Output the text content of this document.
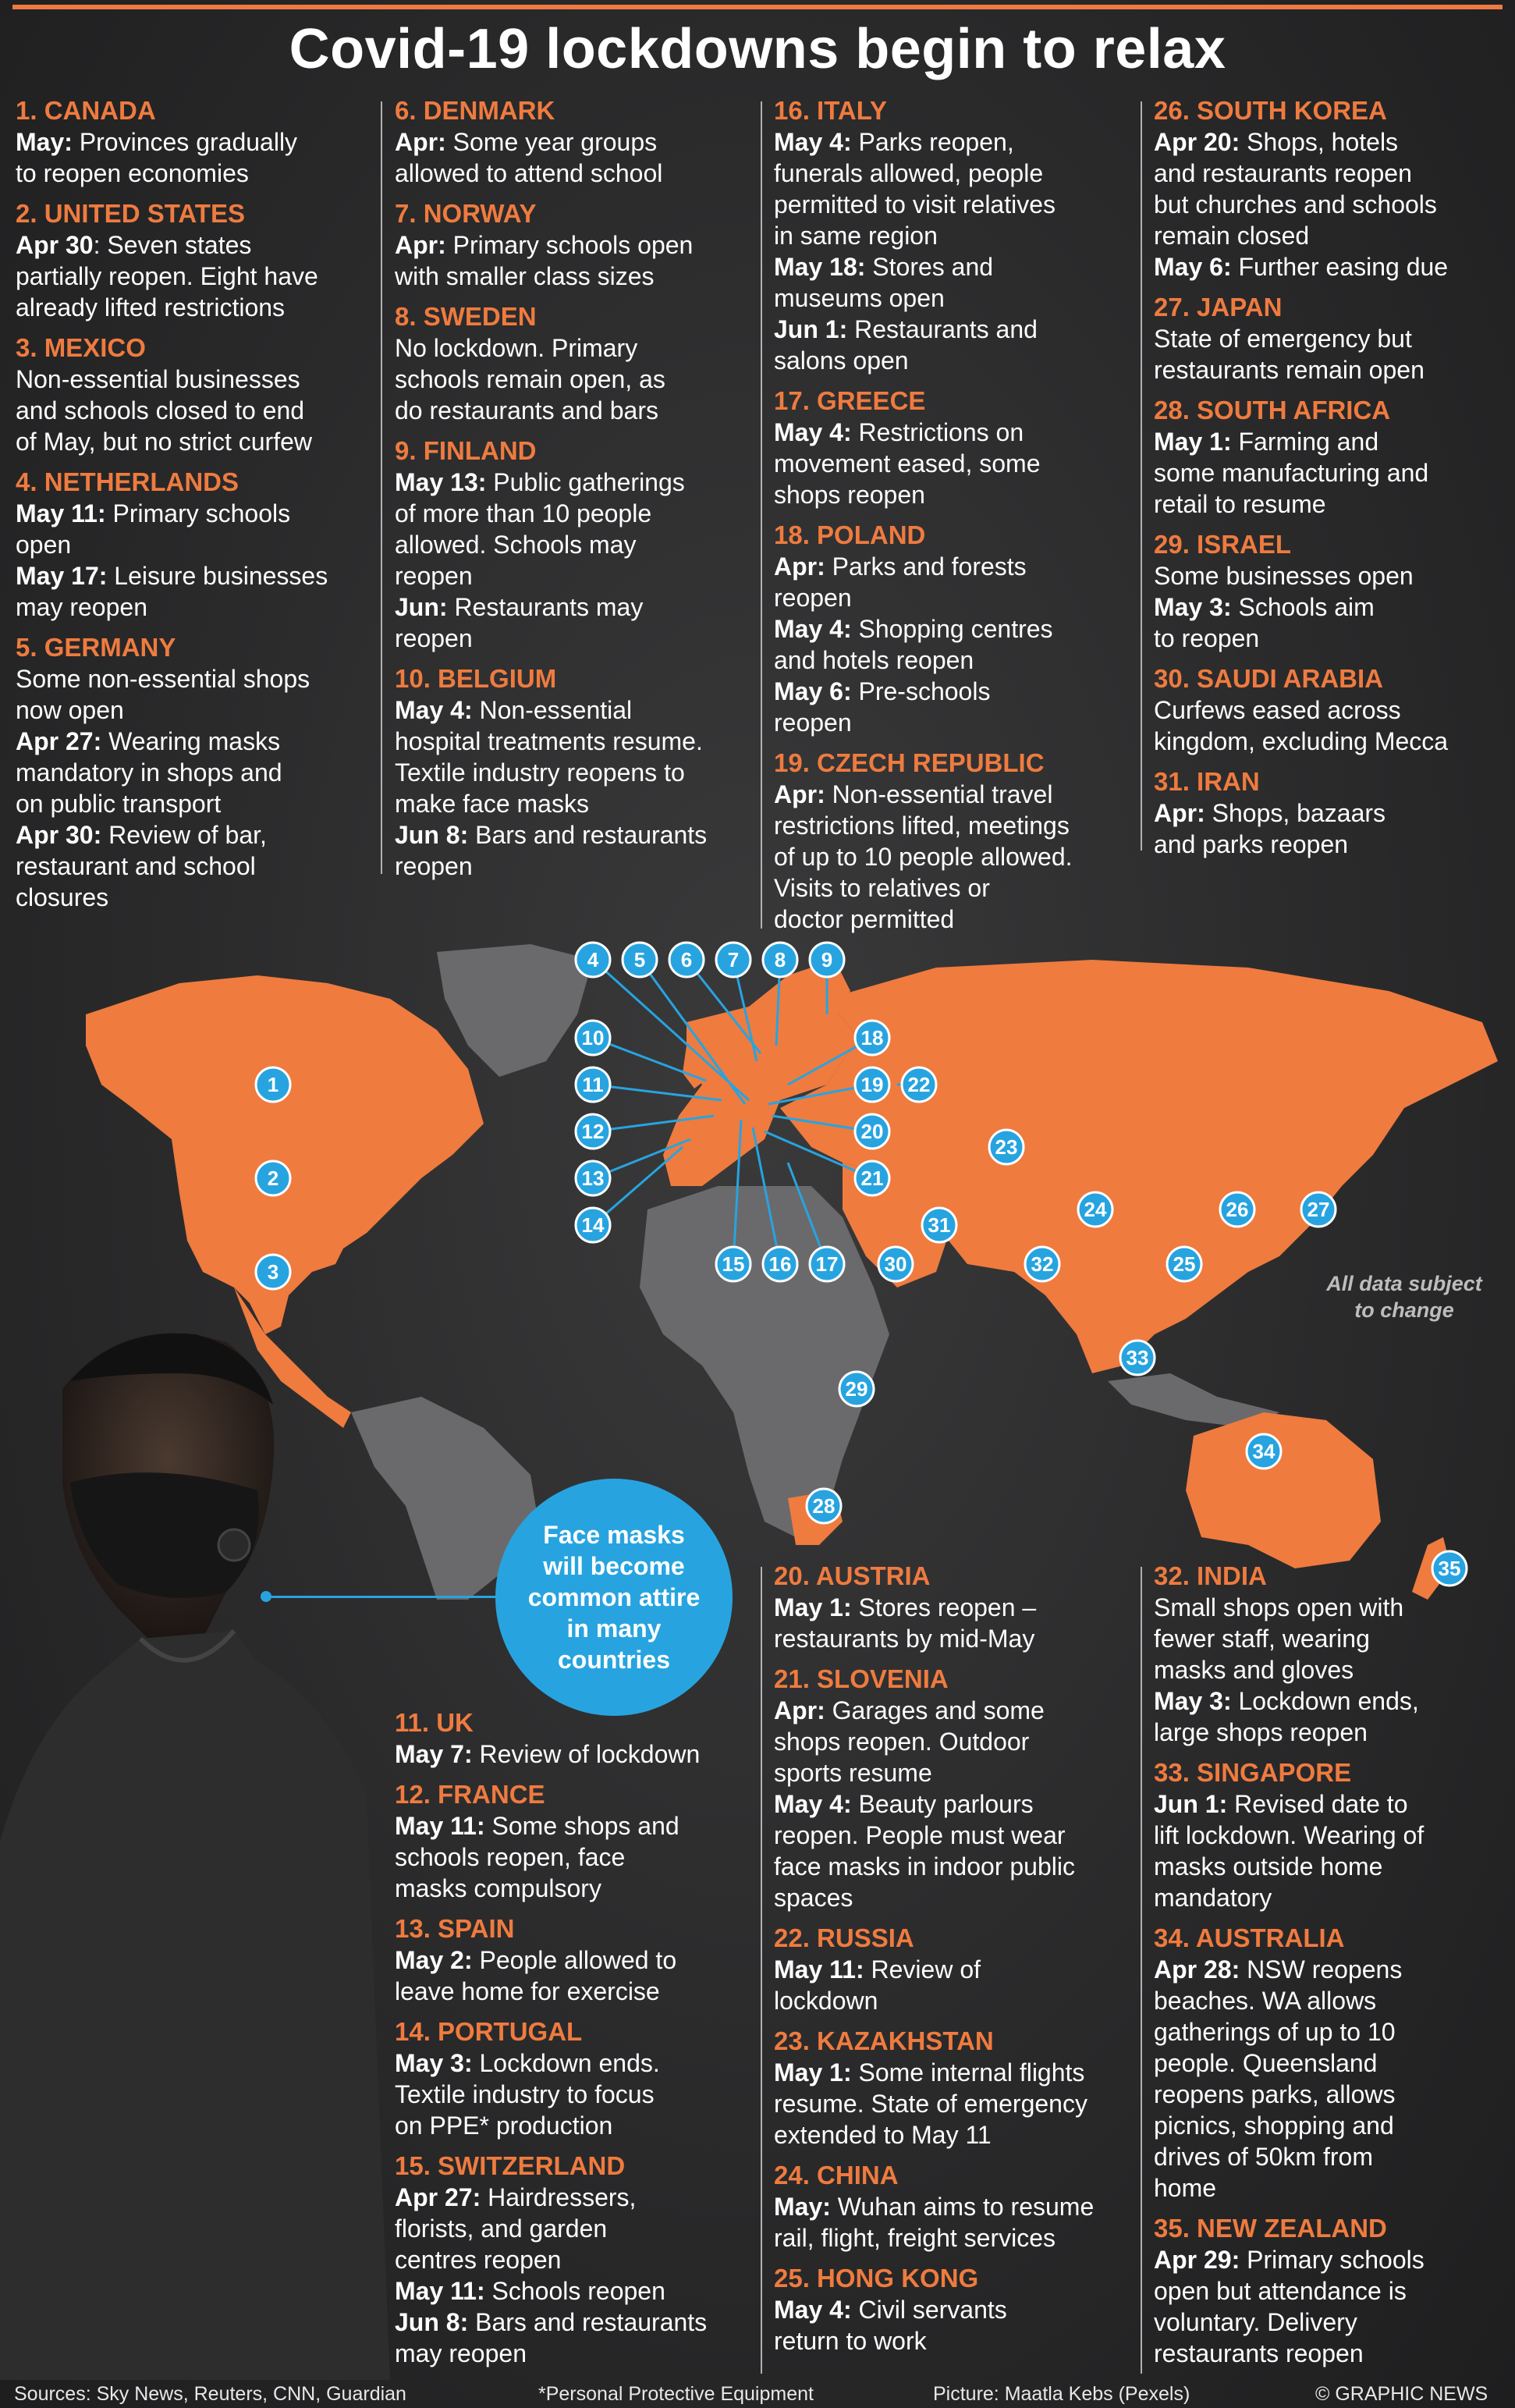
Covid-19 lockdowns begin to relax
1. CANADA
May: Provinces gradually
to reopen economies
2. UNITED STATES
Apr 30: Seven states
partially reopen. Eight have
already lifted restrictions
3. MEXICO
Non-essential businesses
and schools closed to end
of May, but no strict curfew
4. NETHERLANDS
May 11: Primary schools
open
May 17: Leisure businesses
may reopen
5. GERMANY
Some non-essential shops
now open
Apr 27: Wearing masks
mandatory in shops and
on public transport
Apr 30: Review of bar,
restaurant and school
closures
6. DENMARK
Apr: Some year groups
allowed to attend school
7. NORWAY
Apr: Primary schools open
with smaller class sizes
8. SWEDEN
No lockdown. Primary
schools remain open, as
do restaurants and bars
9. FINLAND
May 13: Public gatherings
of more than 10 people
allowed. Schools may
reopen
Jun: Restaurants may
reopen
10. BELGIUM
May 4: Non-essential
hospital treatments resume.
Textile industry reopens to
make face masks
Jun 8: Bars and restaurants
reopen
16. ITALY
May 4: Parks reopen,
funerals allowed, people
permitted to visit relatives
in same region
May 18: Stores and
museums open
Jun 1: Restaurants and
salons open
17. GREECE
May 4: Restrictions on
movement eased, some
shops reopen
18. POLAND
Apr: Parks and forests
reopen
May 4: Shopping centres
and hotels reopen
May 6: Pre-schools
reopen
19. CZECH REPUBLIC
Apr: Non-essential travel
restrictions lifted, meetings
of up to 10 people allowed.
Visits to relatives or
doctor permitted
26. SOUTH KOREA
Apr 20: Shops, hotels
and restaurants reopen
but churches and schools
remain closed
May 6: Further easing due
27. JAPAN
State of emergency but
restaurants remain open
28. SOUTH AFRICA
May 1: Farming and
some manufacturing and
retail to resume
29. ISRAEL
Some businesses open
May 3: Schools aim
to reopen
30. SAUDI ARABIA
Curfews eased across
kingdom, excluding Mecca
31. IRAN
Apr: Shops, bazaars
and parks reopen
1
2
3
4 5 6 7 8 9
10
11
12
13
14
15 16 17
18
19
20
21
22
23
24
25
26	27
28
29
30
31
32
33
34
35
All data subject to change
Face masks will become common attire in many countries
11. UK
May 7: Review of lockdown
12. FRANCE
May 11: Some shops and
schools reopen, face
masks compulsory
13. SPAIN
May 2: People allowed to
leave home for exercise
14. PORTUGAL
May 3: Lockdown ends.
Textile industry to focus
on PPE* production
15. SWITZERLAND
Apr 27: Hairdressers,
florists, and garden
centres reopen
May 11: Schools reopen
Jun 8: Bars and restaurants
may reopen
20. AUSTRIA
May 1: Stores reopen –
restaurants by mid-May
21. SLOVENIA
Apr: Garages and some
shops reopen. Outdoor
sports resume
May 4: Beauty parlours
reopen. People must wear
face masks in indoor public
spaces
22. RUSSIA
May 11: Review of
lockdown
23. KAZAKHSTAN
May 1: Some internal flights
resume. State of emergency
extended to May 11
24. CHINA
May: Wuhan aims to resume
rail, flight, freight services
25. HONG KONG
May 4: Civil servants
return to work
32. INDIA
Small shops open with
fewer staff, wearing
masks and gloves
May 3: Lockdown ends,
large shops reopen
33. SINGAPORE
Jun 1: Revised date to
lift lockdown. Wearing of
masks outside home
mandatory
34. AUSTRALIA
Apr 28: NSW reopens
beaches. WA allows
gatherings of up to 10
people. Queensland
reopens parks, allows
picnics, shopping and
drives of 50km from
home
35. NEW ZEALAND
Apr 29: Primary schools
open but attendance is
voluntary. Delivery
restaurants reopen
Sources: Sky News, Reuters, CNN, Guardian	*Personal Protective Equipment	Picture: Maatla Kebs (Pexels)	© GRAPHIC NEWS
